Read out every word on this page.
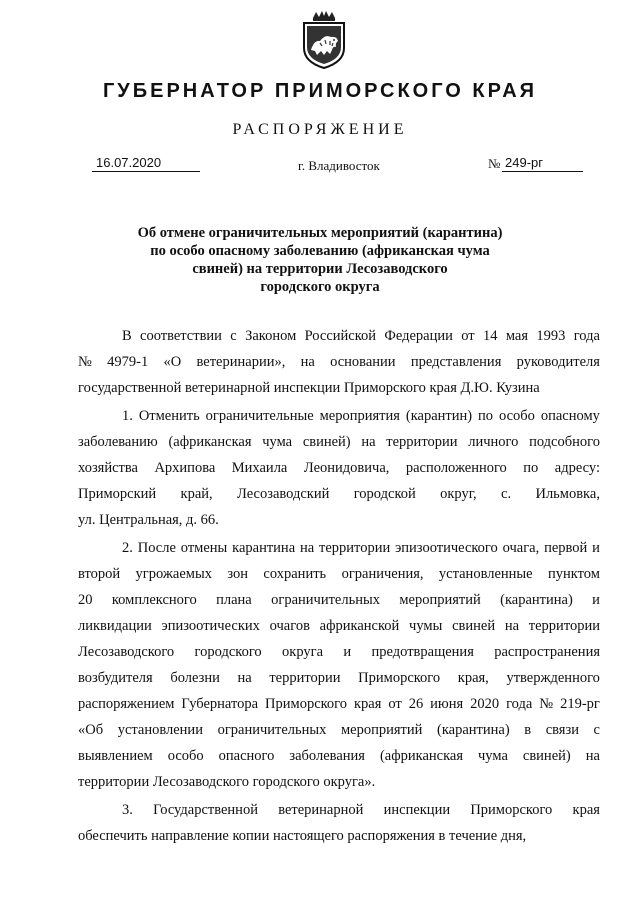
ГУБЕРНАТОР ПРИМОРСКОГО КРАЯ
РАСПОРЯЖЕНИЕ
16.07.2020	г. Владивосток	№ 249-рг
Об отмене ограничительных мероприятий (карантина)
по особо опасному заболеванию (африканская чума
свиней) на территории Лесозаводского
городского округа
В соответствии с Законом Российской Федерации от 14 мая 1993 года
№ 4979-1 «О ветеринарии», на основании представления руководителя
государственной ветеринарной инспекции Приморского края Д.Ю. Кузина
1. Отменить ограничительные мероприятия (карантин) по особо опасному
заболеванию (африканская чума свиней) на территории личного подсобного
хозяйства Архипова Михаила Леонидовича, расположенного по адресу:
Приморский край, Лесозаводский городской округ, с. Ильмовка,
ул. Центральная, д. 66.
2. После отмены карантина на территории эпизоотического очага, первой и
второй угрожаемых зон сохранить ограничения, установленные пунктом
20 комплексного плана ограничительных мероприятий (карантина) и
ликвидации эпизоотических очагов африканской чумы свиней на территории
Лесозаводского городского округа и предотвращения распространения
возбудителя болезни на территории Приморского края, утвержденного
распоряжением Губернатора Приморского края от 26 июня 2020 года № 219-рг
«Об установлении ограничительных мероприятий (карантина) в связи с
выявлением особо опасного заболевания (африканская чума свиней) на
территории Лесозаводского городского округа».
3. Государственной ветеринарной инспекции Приморского края
обеспечить направление копии настоящего распоряжения в течение дня,
